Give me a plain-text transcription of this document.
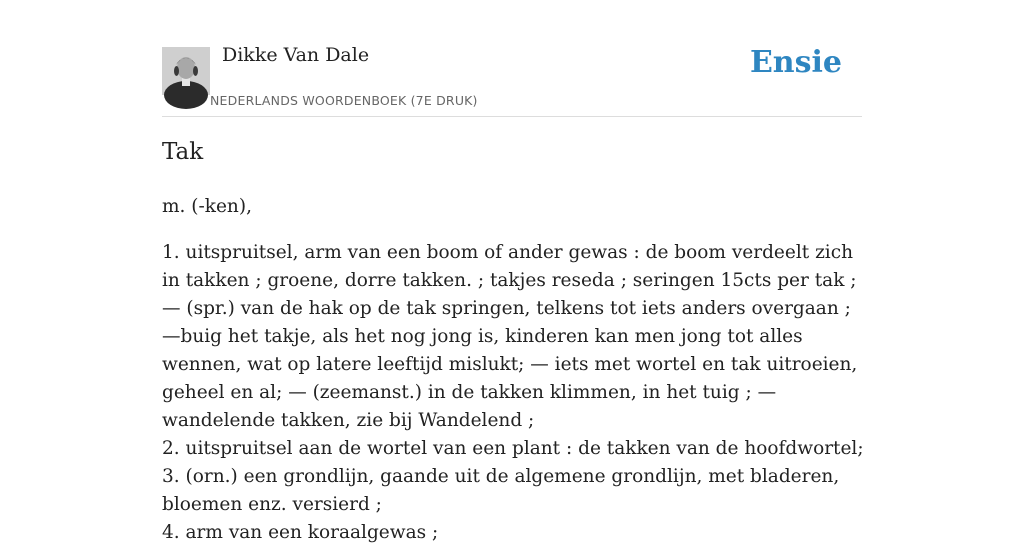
Dikke Van Dale
NEDERLANDS WOORDENBOEK (7E DRUK)
Ensie
Tak

m. (-ken),

1. uitspruitsel, arm van een boom of ander gewas : de boom verdeelt zich in takken ; groene, dorre takken. ; takjes reseda ; seringen 15cts per tak ; — (spr.) van de hak op de tak springen, telkens tot iets anders overgaan ; —buig het takje, als het nog jong is, kinderen kan men jong tot alles wennen, wat op latere leeftijd mislukt; — iets met wortel en tak uitroeien, geheel en al; — (zeemanst.) in de takken klimmen, in het tuig ; — wandelende takken, zie bij Wandelend ;
2. uitspruitsel aan de wortel van een plant : de takken van de hoofdwortel;
3. (orn.) een grondlijn, gaande uit de algemene grondlijn, met bladeren, bloemen enz. versierd ;
4. arm van een koraalgewas ;
